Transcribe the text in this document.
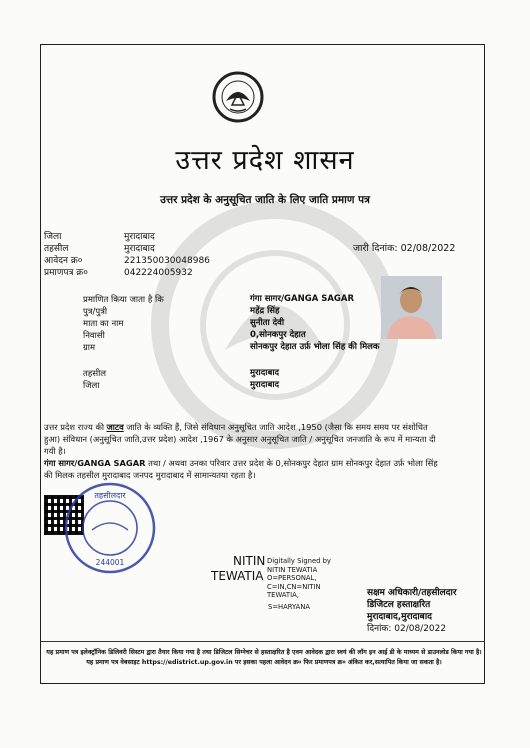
उत्तर प्रदेश शासन
उत्तर प्रदेश के अनुसूचित जाति के लिए जाति प्रमाण पत्र
जिला	मुरादाबाद
तहसील	मुरादाबाद
आवेदन क्र०	221350030048986
प्रमाणपत्र क्र०	042224005932
जारी दिनांक: 02/08/2022
प्रमाणित किया जाता है कि	गंगा सागर/GANGA SAGAR
पुत्र/पुत्री	महेंद्र सिंह
माता का नाम	सुनीता देवी
निवासी	0,सोनकपुर देहात
ग्राम	सोनकपुर देहात उर्फ़ भोला सिंह की मिलक
तहसील	मुरादाबाद
जिला	मुरादाबाद
उत्तर प्रदेश राज्य की जाटव जाति के व्यक्ति हैं, जिसे संविधान अनुसूचित जाति आदेश ,1950 (जैसा कि समय समय पर संशोधित हुआ) संविधान (अनुसूचित जाति,उत्तर प्रदेश) आदेश ,1967 के अनुसार अनुसूचित जाति / अनुसूचित जनजाति के रूप में मान्यता दी गयी है।
गंगा सागर/GANGA SAGAR तथा / अथवा उनका परिवार उत्तर प्रदेश के 0,सोनकपुर देहात ग्राम सोनकपुर देहात उर्फ़ भोला सिंह की मिलक तहसील मुरादाबाद जनपद मुरादाबाद में सामान्यतया रहता है।
तहसीलदार
244001	NITIN
TEWATIA
Digitally Signed by
NITIN TEWATIA
O=PERSONAL,
C=IN,CN=NITIN
TEWATIA,
S=HARYANA
सक्षम अधिकारी/तहसीलदार
डिजिटल हस्ताक्षरित
मुरादाबाद,मुरादाबाद
दिनांक: 02/08/2022
यह प्रमाण पत्र इलेक्ट्रॉनिक डिलिवरी सिस्टम द्वारा तैयार किया गया है तथा डिजिटल सिग्नेचर से हस्ताक्षरित है एवम आवेदक द्वारा स्वयं की लॉग इन आई डी के माध्यम से डाउनलोड किया गया है। यह प्रमाण पत्र वेबसाइट https://edistrict.up.gov.in पर इसका पहला आवेदन क्र० फिर प्रमाणपत्र क्र० अंकित कर,सत्यापित किया जा सकता है।
